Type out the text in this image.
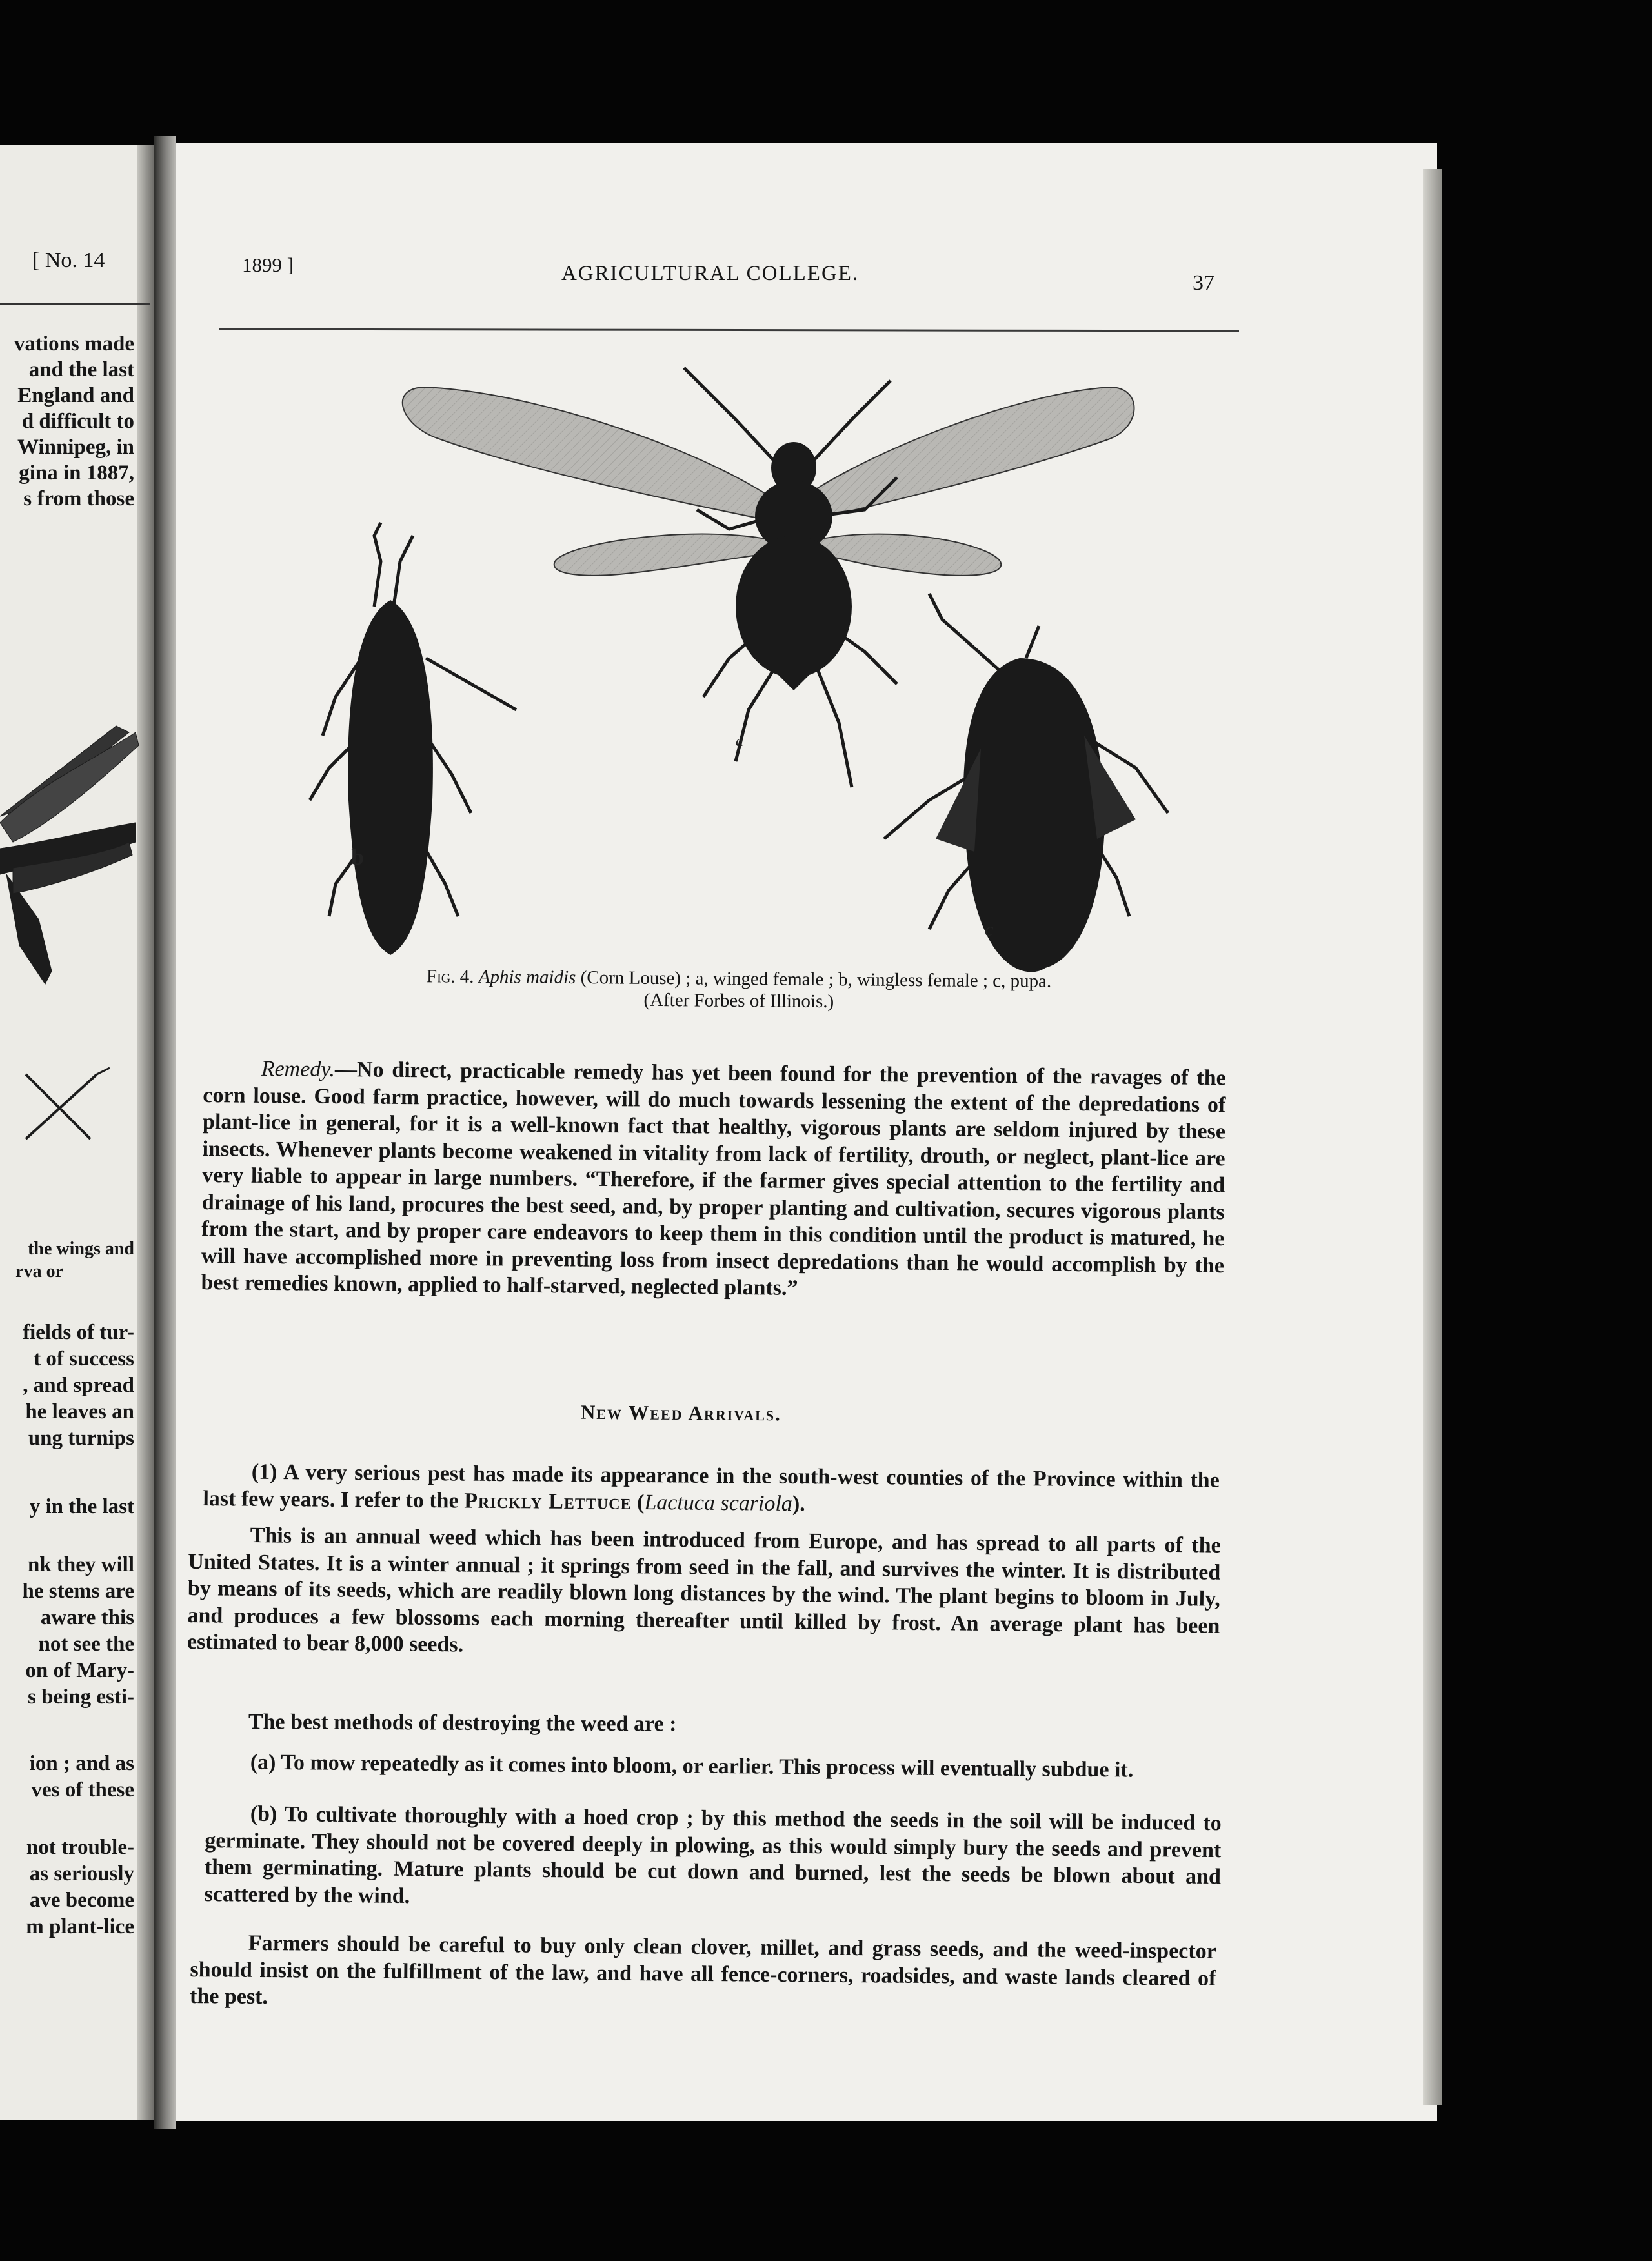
[ No. 14
vations made
and the last
England and
d difficult to
Winnipeg, in
gina in 1887,
s from those
the wings and
rva or
fields of tur-
t of success
, and spread
he leaves an
ung turnips
y in the last
nk they will
he stems are
aware this
not see the
on of Mary-
s being esti-
ion ; and as
ves of these
not trouble-
as seriously
ave become
m plant-lice
1899 ]	AGRICULTURAL COLLEGE.	37
a
b
c
Fig. 4. Aphis maidis (Corn Louse) ; a, winged female ; b, wingless female ; c, pupa.
(After Forbes of Illinois.)
Remedy.—No direct, practicable remedy has yet been found for the prevention of the ravages of the corn louse. Good farm practice, however, will do much towards lessening the extent of the depredations of plant-lice in general, for it is a well-known fact that healthy, vigorous plants are seldom injured by these insects. Whenever plants become weakened in vitality from lack of fertility, drouth, or neglect, plant-lice are very liable to appear in large numbers. “Therefore, if the farmer gives special attention to the fertility and drainage of his land, procures the best seed, and, by proper planting and cultivation, secures vigorous plants from the start, and by proper care endeavors to keep them in this condition until the product is matured, he will have accomplished more in preventing loss from insect depredations than he would accomplish by the best remedies known, applied to half-starved, neglected plants.”
New Weed Arrivals.
(1) A very serious pest has made its appearance in the south-west counties of the Province within the last few years. I refer to the Prickly Lettuce (Lactuca scariola).
This is an annual weed which has been introduced from Europe, and has spread to all parts of the United States. It is a winter annual ; it springs from seed in the fall, and survives the winter. It is distributed by means of its seeds, which are readily blown long distances by the wind. The plant begins to bloom in July, and produces a few blossoms each morning thereafter until killed by frost. An average plant has been estimated to bear 8,000 seeds.
The best methods of destroying the weed are :
(a) To mow repeatedly as it comes into bloom, or earlier. This process will eventually subdue it.
(b) To cultivate thoroughly with a hoed crop ; by this method the seeds in the soil will be induced to germinate. They should not be covered deeply in plowing, as this would simply bury the seeds and prevent them germinating. Mature plants should be cut down and burned, lest the seeds be blown about and scattered by the wind.
Farmers should be careful to buy only clean clover, millet, and grass seeds, and the weed-inspector should insist on the fulfillment of the law, and have all fence-corners, roadsides, and waste lands cleared of the pest.
